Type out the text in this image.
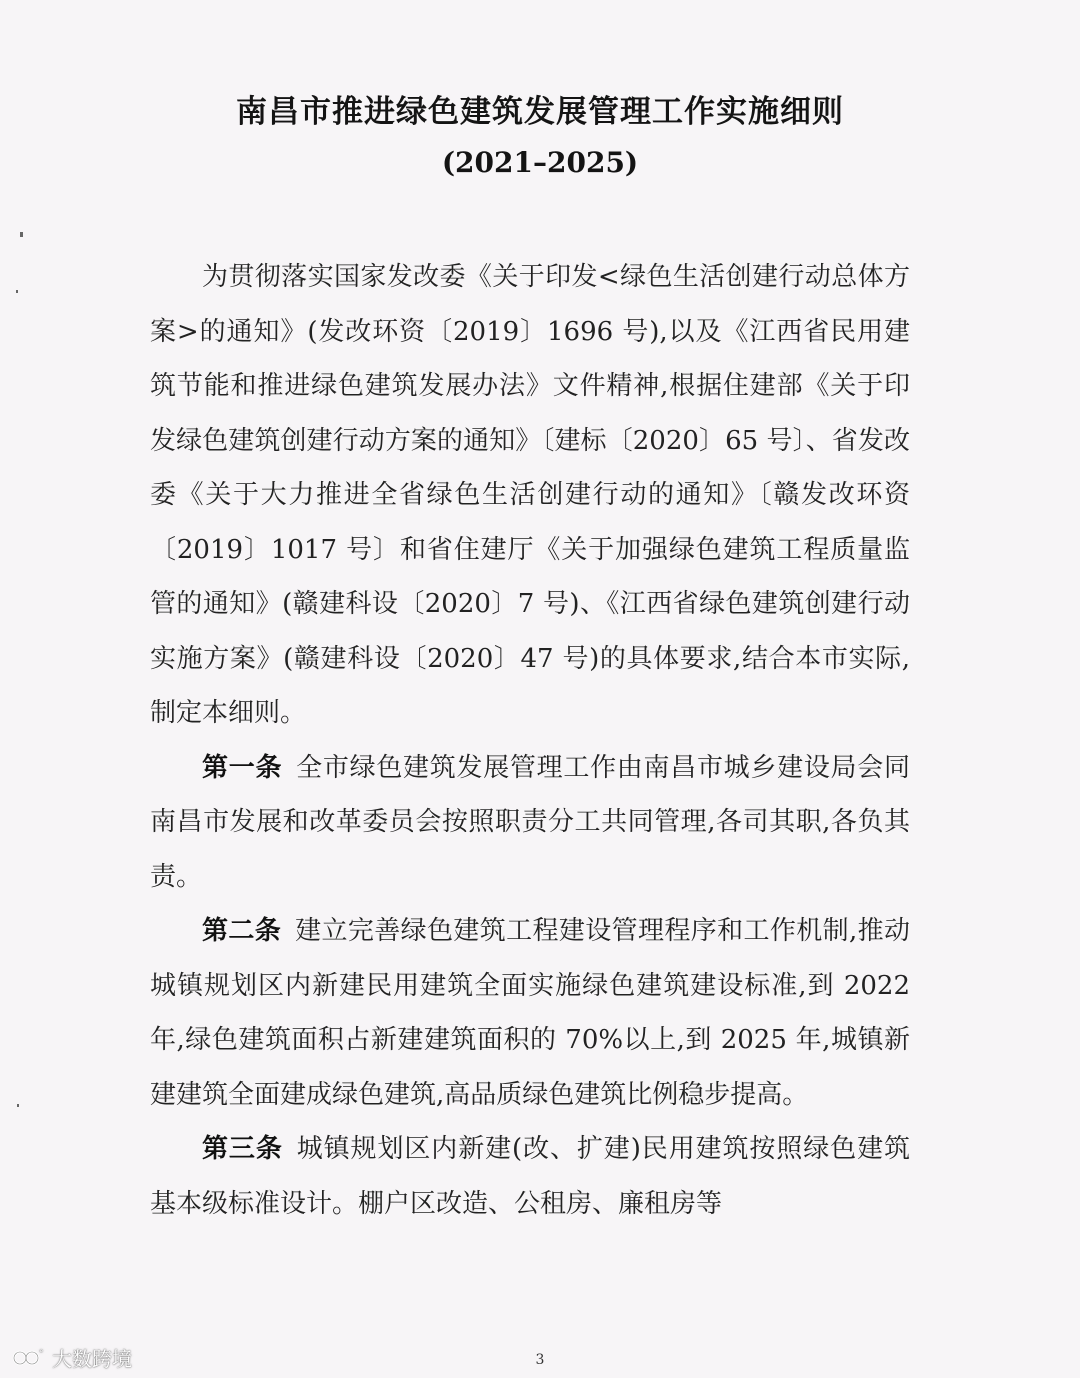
南昌市推进绿色建筑发展管理工作实施细则
(2021–2025)

为贯彻落实国家发改委《关于印发<绿色生活创建行动总体方案>的通知》(发改环资〔2019〕1696 号),以及《江西省民用建筑节能和推进绿色建筑发展办法》文件精神,根据住建部《关于印发绿色建筑创建行动方案的通知》〔建标〔2020〕65 号〕、省发改委《关于大力推进全省绿色生活创建行动的通知》〔赣发改环资〔2019〕1017 号〕和省住建厅《关于加强绿色建筑工程质量监管的通知》(赣建科设〔2020〕7 号)、《江西省绿色建筑创建行动实施方案》(赣建科设〔2020〕47 号)的具体要求,结合本市实际,制定本细则。

第一条 全市绿色建筑发展管理工作由南昌市城乡建设局会同南昌市发展和改革委员会按照职责分工共同管理,各司其职,各负其责。

第二条 建立完善绿色建筑工程建设管理程序和工作机制,推动城镇规划区内新建民用建筑全面实施绿色建筑建设标准,到 2022 年,绿色建筑面积占新建建筑面积的 70%以上,到 2025 年,城镇新建建筑全面建成绿色建筑,高品质绿色建筑比例稳步提高。

第三条 城镇规划区内新建(改、扩建)民用建筑按照绿色建筑基本级标准设计。棚户区改造、公租房、廉租房等

° 大数跨境	3
